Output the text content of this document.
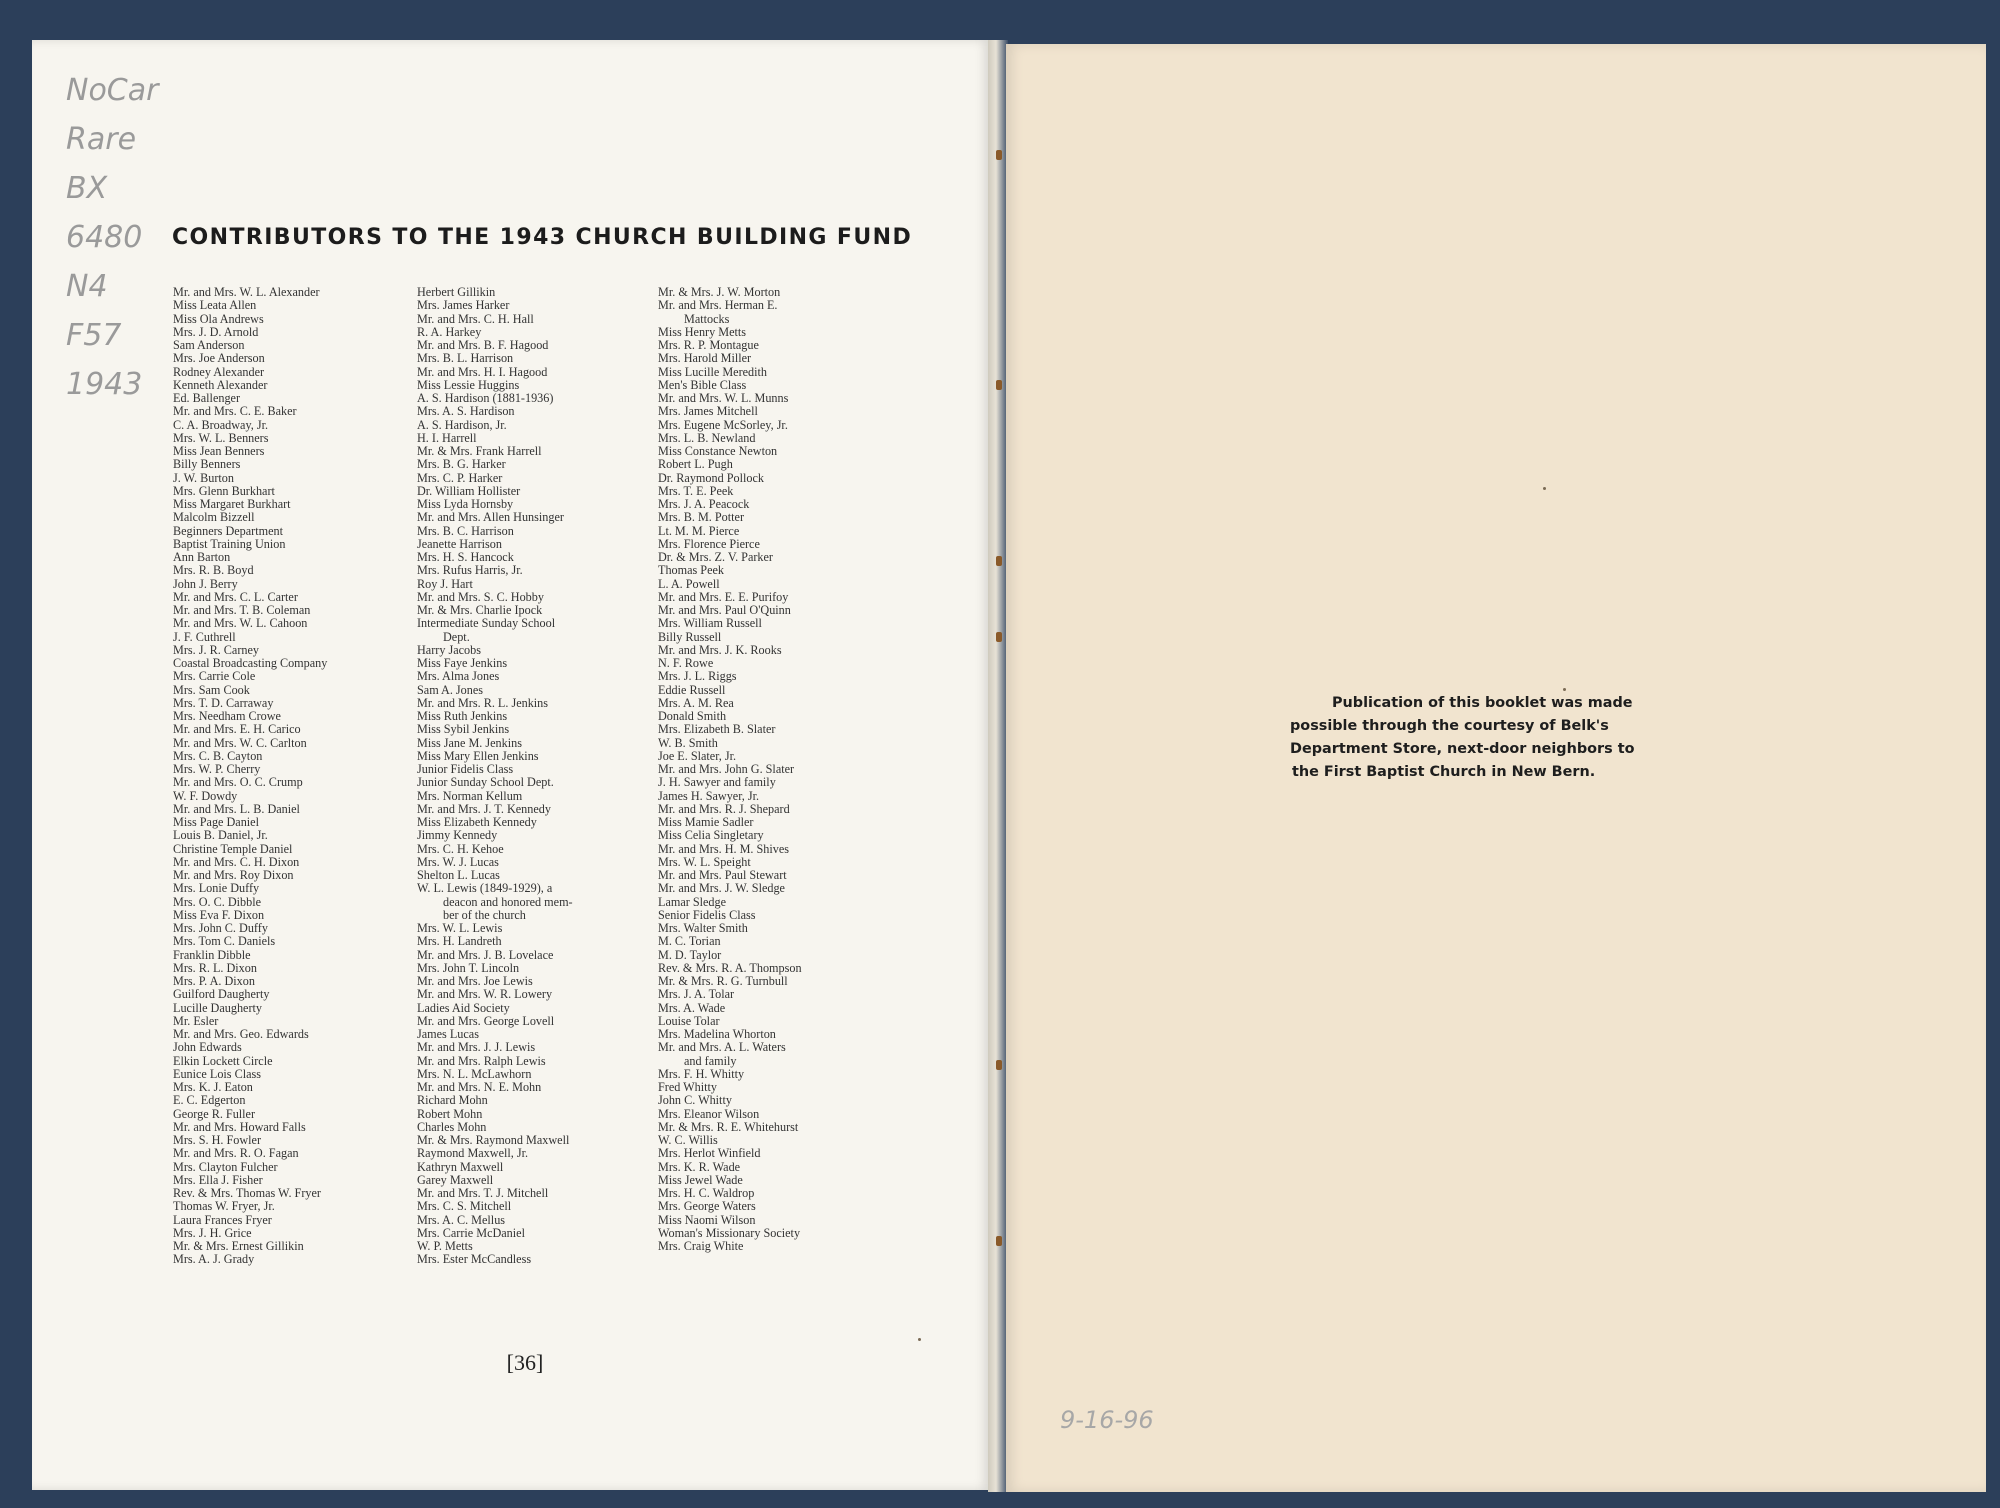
NoCar
Rare
BX
6480
N4
F57
1943
CONTRIBUTORS TO THE 1943 CHURCH BUILDING FUND
Mr. and Mrs. W. L. Alexander
Miss Leata Allen
Miss Ola Andrews
Mrs. J. D. Arnold
Sam Anderson
Mrs. Joe Anderson
Rodney Alexander
Kenneth Alexander
Ed. Ballenger
Mr. and Mrs. C. E. Baker
C. A. Broadway, Jr.
Mrs. W. L. Benners
Miss Jean Benners
Billy Benners
J. W. Burton
Mrs. Glenn Burkhart
Miss Margaret Burkhart
Malcolm Bizzell
Beginners Department
Baptist Training Union
Ann Barton
Mrs. R. B. Boyd
John J. Berry
Mr. and Mrs. C. L. Carter
Mr. and Mrs. T. B. Coleman
Mr. and Mrs. W. L. Cahoon
J. F. Cuthrell
Mrs. J. R. Carney
Coastal Broadcasting Company
Mrs. Carrie Cole
Mrs. Sam Cook
Mrs. T. D. Carraway
Mrs. Needham Crowe
Mr. and Mrs. E. H. Carico
Mr. and Mrs. W. C. Carlton
Mrs. C. B. Cayton
Mrs. W. P. Cherry
Mr. and Mrs. O. C. Crump
W. F. Dowdy
Mr. and Mrs. L. B. Daniel
Miss Page Daniel
Louis B. Daniel, Jr.
Christine Temple Daniel
Mr. and Mrs. C. H. Dixon
Mr. and Mrs. Roy Dixon
Mrs. Lonie Duffy
Mrs. O. C. Dibble
Miss Eva F. Dixon
Mrs. John C. Duffy
Mrs. Tom C. Daniels
Franklin Dibble
Mrs. R. L. Dixon
Mrs. P. A. Dixon
Guilford Daugherty
Lucille Daugherty
Mr. Esler
Mr. and Mrs. Geo. Edwards
John Edwards
Elkin Lockett Circle
Eunice Lois Class
Mrs. K. J. Eaton
E. C. Edgerton
George R. Fuller
Mr. and Mrs. Howard Falls
Mrs. S. H. Fowler
Mr. and Mrs. R. O. Fagan
Mrs. Clayton Fulcher
Mrs. Ella J. Fisher
Rev. & Mrs. Thomas W. Fryer
Thomas W. Fryer, Jr.
Laura Frances Fryer
Mrs. J. H. Grice
Mr. & Mrs. Ernest Gillikin
Mrs. A. J. Grady
Herbert Gillikin
Mrs. James Harker
Mr. and Mrs. C. H. Hall
R. A. Harkey
Mr. and Mrs. B. F. Hagood
Mrs. B. L. Harrison
Mr. and Mrs. H. I. Hagood
Miss Lessie Huggins
A. S. Hardison (1881-1936)
Mrs. A. S. Hardison
A. S. Hardison, Jr.
H. I. Harrell
Mr. & Mrs. Frank Harrell
Mrs. B. G. Harker
Mrs. C. P. Harker
Dr. William Hollister
Miss Lyda Hornsby
Mr. and Mrs. Allen Hunsinger
Mrs. B. C. Harrison
Jeanette Harrison
Mrs. H. S. Hancock
Mrs. Rufus Harris, Jr.
Roy J. Hart
Mr. and Mrs. S. C. Hobby
Mr. & Mrs. Charlie Ipock
Intermediate Sunday School
Dept.
Harry Jacobs
Miss Faye Jenkins
Mrs. Alma Jones
Sam A. Jones
Mr. and Mrs. R. L. Jenkins
Miss Ruth Jenkins
Miss Sybil Jenkins
Miss Jane M. Jenkins
Miss Mary Ellen Jenkins
Junior Fidelis Class
Junior Sunday School Dept.
Mrs. Norman Kellum
Mr. and Mrs. J. T. Kennedy
Miss Elizabeth Kennedy
Jimmy Kennedy
Mrs. C. H. Kehoe
Mrs. W. J. Lucas
Shelton L. Lucas
W. L. Lewis (1849-1929), a
deacon and honored mem-
ber of the church
Mrs. W. L. Lewis
Mrs. H. Landreth
Mr. and Mrs. J. B. Lovelace
Mrs. John T. Lincoln
Mr. and Mrs. Joe Lewis
Mr. and Mrs. W. R. Lowery
Ladies Aid Society
Mr. and Mrs. George Lovell
James Lucas
Mr. and Mrs. J. J. Lewis
Mr. and Mrs. Ralph Lewis
Mrs. N. L. McLawhorn
Mr. and Mrs. N. E. Mohn
Richard Mohn
Robert Mohn
Charles Mohn
Mr. & Mrs. Raymond Maxwell
Raymond Maxwell, Jr.
Kathryn Maxwell
Garey Maxwell
Mr. and Mrs. T. J. Mitchell
Mrs. C. S. Mitchell
Mrs. A. C. Mellus
Mrs. Carrie McDaniel
W. P. Metts
Mrs. Ester McCandless
Mr. & Mrs. J. W. Morton
Mr. and Mrs. Herman E.
Mattocks
Miss Henry Metts
Mrs. R. P. Montague
Mrs. Harold Miller
Miss Lucille Meredith
Men's Bible Class
Mr. and Mrs. W. L. Munns
Mrs. James Mitchell
Mrs. Eugene McSorley, Jr.
Mrs. L. B. Newland
Miss Constance Newton
Robert L. Pugh
Dr. Raymond Pollock
Mrs. T. E. Peek
Mrs. J. A. Peacock
Mrs. B. M. Potter
Lt. M. M. Pierce
Mrs. Florence Pierce
Dr. & Mrs. Z. V. Parker
Thomas Peek
L. A. Powell
Mr. and Mrs. E. E. Purifoy
Mr. and Mrs. Paul O'Quinn
Mrs. William Russell
Billy Russell
Mr. and Mrs. J. K. Rooks
N. F. Rowe
Mrs. J. L. Riggs
Eddie Russell
Mrs. A. M. Rea
Donald Smith
Mrs. Elizabeth B. Slater
W. B. Smith
Joe E. Slater, Jr.
Mr. and Mrs. John G. Slater
J. H. Sawyer and family
James H. Sawyer, Jr.
Mr. and Mrs. R. J. Shepard
Miss Mamie Sadler
Miss Celia Singletary
Mr. and Mrs. H. M. Shives
Mrs. W. L. Speight
Mr. and Mrs. Paul Stewart
Mr. and Mrs. J. W. Sledge
Lamar Sledge
Senior Fidelis Class
Mrs. Walter Smith
M. C. Torian
M. D. Taylor
Rev. & Mrs. R. A. Thompson
Mr. & Mrs. R. G. Turnbull
Mrs. J. A. Tolar
Mrs. A. Wade
Louise Tolar
Mrs. Madelina Whorton
Mr. and Mrs. A. L. Waters
and family
Mrs. F. H. Whitty
Fred Whitty
John C. Whitty
Mrs. Eleanor Wilson
Mr. & Mrs. R. E. Whitehurst
W. C. Willis
Mrs. Herlot Winfield
Mrs. K. R. Wade
Miss Jewel Wade
Mrs. H. C. Waldrop
Mrs. George Waters
Miss Naomi Wilson
Woman's Missionary Society
Mrs. Craig White
[36]
Publication of this booklet was made
possible through the courtesy of Belk's
Department Store, next-door neighbors to
the First Baptist Church in New Bern.
9-16-96
